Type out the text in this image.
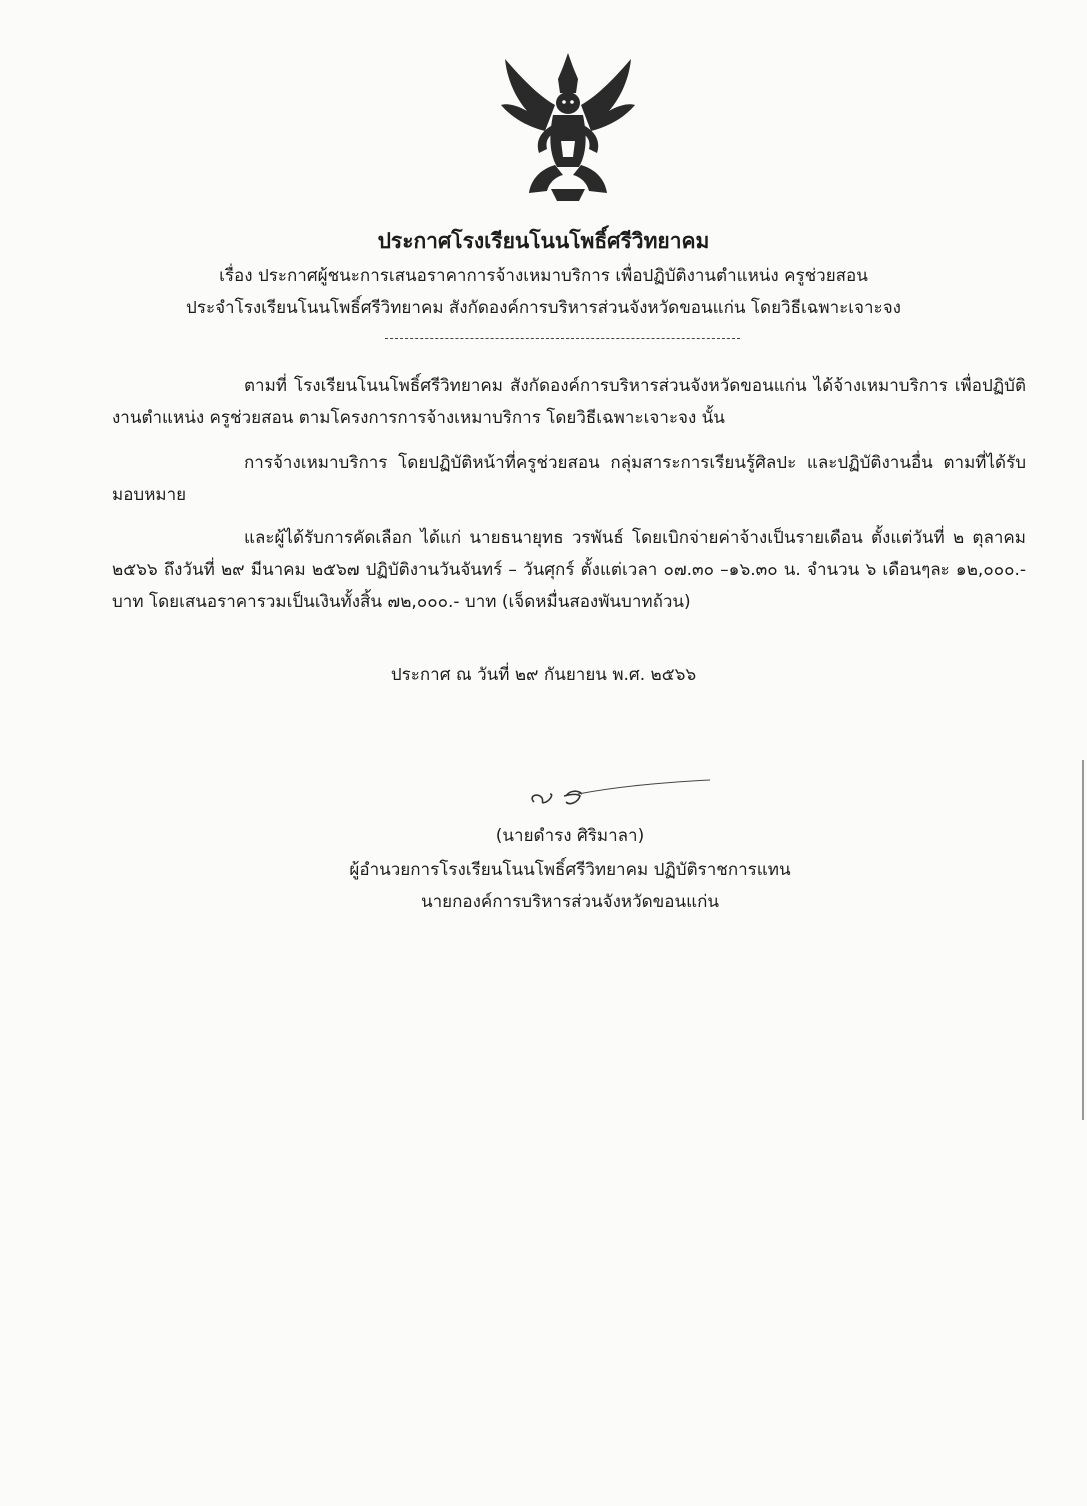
ประกาศโรงเรียนโนนโพธิ์ศรีวิทยาคม
เรื่อง ประกาศผู้ชนะการเสนอราคาการจ้างเหมาบริการ เพื่อปฏิบัติงานตำแหน่ง ครูช่วยสอน
ประจำโรงเรียนโนนโพธิ์ศรีวิทยาคม สังกัดองค์การบริหารส่วนจังหวัดขอนแก่น โดยวิธีเฉพาะเจาะจง
ตามที่ โรงเรียนโนนโพธิ์ศรีวิทยาคม สังกัดองค์การบริหารส่วนจังหวัดขอนแก่น ได้จ้างเหมาบริการ เพื่อปฏิบัติงานตำแหน่ง ครูช่วยสอน ตามโครงการการจ้างเหมาบริการ โดยวิธีเฉพาะเจาะจง นั้น
การจ้างเหมาบริการ โดยปฏิบัติหน้าที่ครูช่วยสอน กลุ่มสาระการเรียนรู้ศิลปะ และปฏิบัติงานอื่น ตามที่ได้รับมอบหมาย
และผู้ได้รับการคัดเลือก ได้แก่ นายธนายุทธ วรพันธ์ โดยเบิกจ่ายค่าจ้างเป็นรายเดือน ตั้งแต่วันที่ ๒ ตุลาคม ๒๕๖๖ ถึงวันที่ ๒๙ มีนาคม ๒๕๖๗ ปฏิบัติงานวันจันทร์ – วันศุกร์ ตั้งแต่เวลา ๐๗.๓๐ –๑๖.๓๐ น. จำนวน ๖ เดือนๆละ ๑๒,๐๐๐.- บาท โดยเสนอราคารวมเป็นเงินทั้งสิ้น ๗๒,๐๐๐.- บาท (เจ็ดหมื่นสองพันบาทถ้วน)
ประกาศ ณ วันที่ ๒๙ กันยายน พ.ศ. ๒๕๖๖
(นายดำรง ศิริมาลา)
ผู้อำนวยการโรงเรียนโนนโพธิ์ศรีวิทยาคม ปฏิบัติราชการแทน
นายกองค์การบริหารส่วนจังหวัดขอนแก่น
